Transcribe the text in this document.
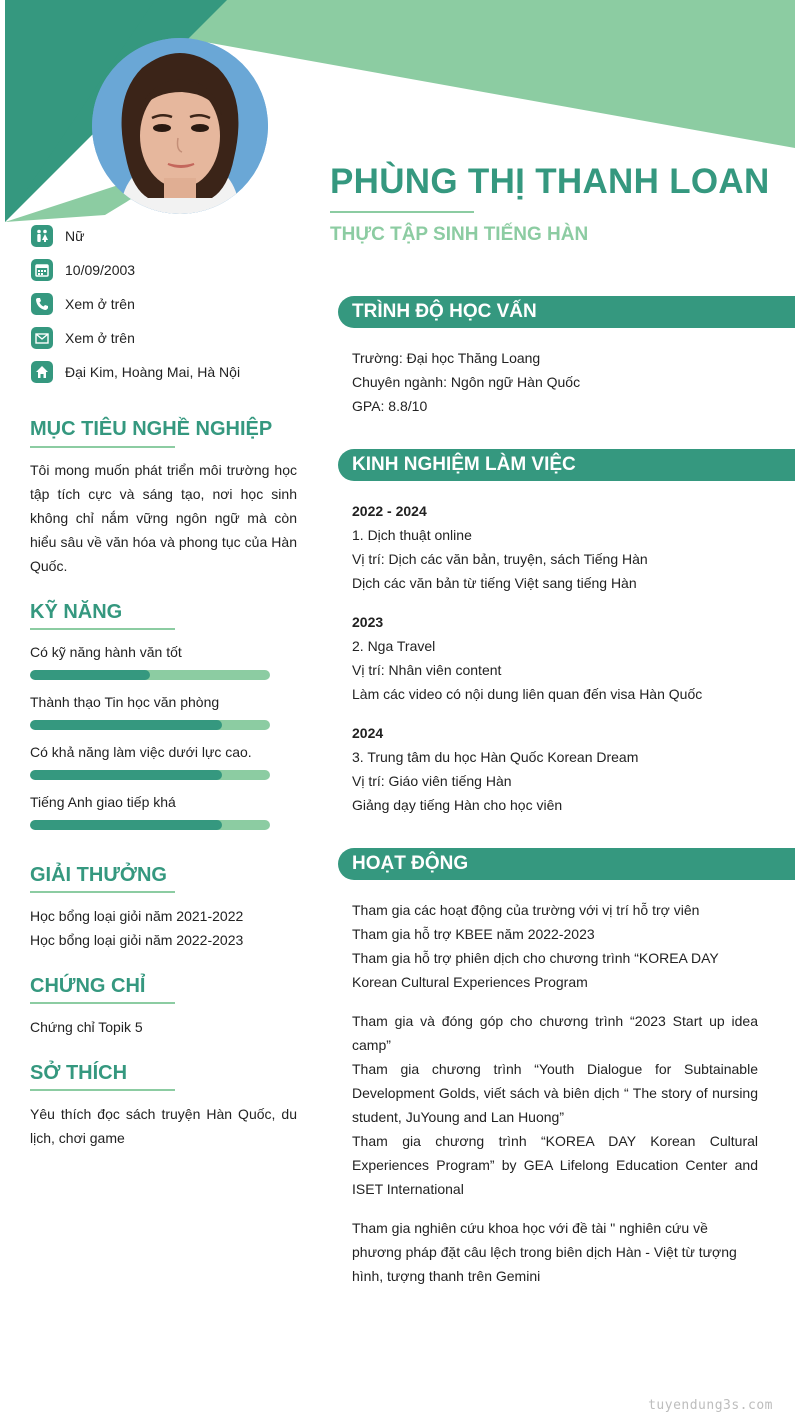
PHÙNG THỊ THANH LOAN
THỰC TẬP SINH TIẾNG HÀN
Nữ
10/09/2003
Xem ở trên
Xem ở trên
Đại Kim, Hoàng Mai, Hà Nội
MỤC TIÊU NGHỀ NGHIỆP
Tôi mong muốn phát triển môi trường học tập tích cực và sáng tạo, nơi học sinh không chỉ nắm vững ngôn ngữ mà còn hiểu sâu về văn hóa và phong tục của Hàn Quốc.
KỸ NĂNG
Có kỹ năng hành văn tốt
Thành thạo Tin học văn phòng
Có khả năng làm việc dưới lực cao.
Tiếng Anh giao tiếp khá
GIẢI THƯỞNG
Học bổng loại giỏi năm 2021-2022
Học bổng loại giỏi năm 2022-2023
CHỨNG CHỈ
Chứng chỉ Topik 5
SỞ THÍCH
Yêu thích đọc sách truyện Hàn Quốc, du lịch, chơi game
TRÌNH ĐỘ HỌC VẤN
Trường: Đại học Thăng Loang
Chuyên ngành: Ngôn ngữ Hàn Quốc
GPA: 8.8/10
KINH NGHIỆM LÀM VIỆC
2022 - 2024
1. Dịch thuật online
Vị trí: Dịch các văn bản, truyện, sách Tiếng Hàn
Dịch các văn bản từ tiếng Việt sang tiếng Hàn
2023
2. Nga Travel
Vị trí: Nhân viên content
Làm các video có nội dung liên quan đến visa Hàn Quốc
2024
3. Trung tâm du học Hàn Quốc Korean Dream
Vị trí: Giáo viên tiếng Hàn
Giảng dạy tiếng Hàn cho học viên
HOẠT ĐỘNG
Tham gia các hoạt động của trường với vị trí hỗ trợ viên
Tham gia hỗ trợ KBEE năm 2022-2023
Tham gia hỗ trợ phiên dịch cho chương trình “KOREA DAY Korean Cultural Experiences Program
Tham gia và đóng góp cho chương trình “2023 Start up idea camp”
Tham gia chương trình “Youth Dialogue for Subtainable Development Golds, viết sách và biên dịch “ The story of nursing student, JuYoung and Lan Huong”
Tham gia chương trình “KOREA DAY Korean Cultural Experiences Program” by GEA Lifelong Education Center and ISET International
Tham gia nghiên cứu khoa học với đề tài " nghiên cứu về phương pháp đặt câu lệch trong biên dịch Hàn - Việt từ tượng hình, tượng thanh trên Gemini
tuyendung3s.com
